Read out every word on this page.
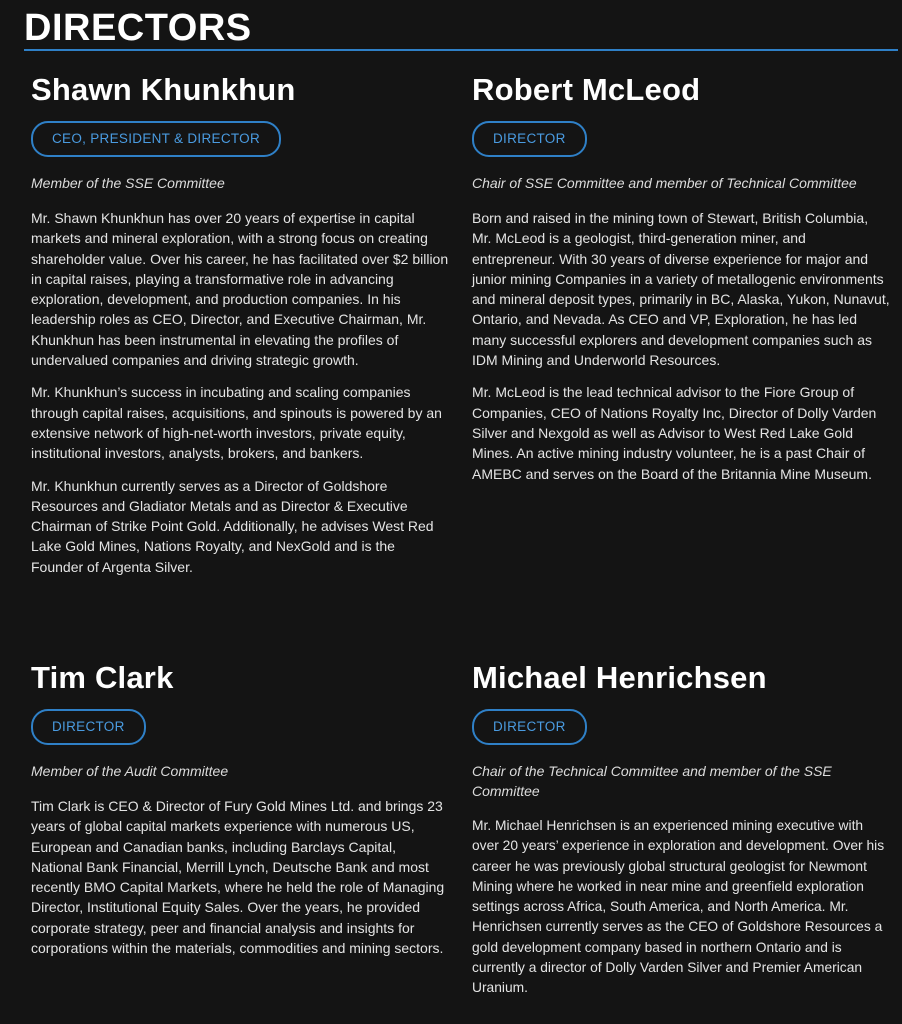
DIRECTORS
Shawn Khunkhun
CEO, PRESIDENT & DIRECTOR

Member of the SSE Committee

Mr. Shawn Khunkhun has over 20 years of expertise in capital markets and mineral exploration, with a strong focus on creating shareholder value. Over his career, he has facilitated over $2 billion in capital raises, playing a transformative role in advancing exploration, development, and production companies. In his leadership roles as CEO, Director, and Executive Chairman, Mr. Khunkhun has been instrumental in elevating the profiles of undervalued companies and driving strategic growth.

Mr. Khunkhun’s success in incubating and scaling companies through capital raises, acquisitions, and spinouts is powered by an extensive network of high-net-worth investors, private equity, institutional investors, analysts, brokers, and bankers.

Mr. Khunkhun currently serves as a Director of Goldshore Resources and Gladiator Metals and as Director & Executive Chairman of Strike Point Gold. Additionally, he advises West Red Lake Gold Mines, Nations Royalty, and NexGold and is the Founder of Argenta Silver.

Robert McLeod
DIRECTOR

Chair of SSE Committee and member of Technical Committee

Born and raised in the mining town of Stewart, British Columbia, Mr. McLeod is a geologist, third-generation miner, and entrepreneur. With 30 years of diverse experience for major and junior mining Companies in a variety of metallogenic environments and mineral deposit types, primarily in BC, Alaska, Yukon, Nunavut, Ontario, and Nevada. As CEO and VP, Exploration, he has led many successful explorers and development companies such as IDM Mining and Underworld Resources.

Mr. McLeod is the lead technical advisor to the Fiore Group of Companies, CEO of Nations Royalty Inc, Director of Dolly Varden Silver and Nexgold as well as Advisor to West Red Lake Gold Mines. An active mining industry volunteer, he is a past Chair of AMEBC and serves on the Board of the Britannia Mine Museum.

Tim Clark
DIRECTOR

Member of the Audit Committee

Tim Clark is CEO & Director of Fury Gold Mines Ltd. and brings 23 years of global capital markets experience with numerous US, European and Canadian banks, including Barclays Capital, National Bank Financial, Merrill Lynch, Deutsche Bank and most recently BMO Capital Markets, where he held the role of Managing Director, Institutional Equity Sales. Over the years, he provided corporate strategy, peer and financial analysis and insights for corporations within the materials, commodities and mining sectors.

Michael Henrichsen
DIRECTOR

Chair of the Technical Committee and member of the SSE Committee

Mr. Michael Henrichsen is an experienced mining executive with over 20 years’ experience in exploration and development. Over his career he was previously global structural geologist for Newmont Mining where he worked in near mine and greenfield exploration settings across Africa, South America, and North America. Mr. Henrichsen currently serves as the CEO of Goldshore Resources a gold development company based in northern Ontario and is currently a director of Dolly Varden Silver and Premier American Uranium.
